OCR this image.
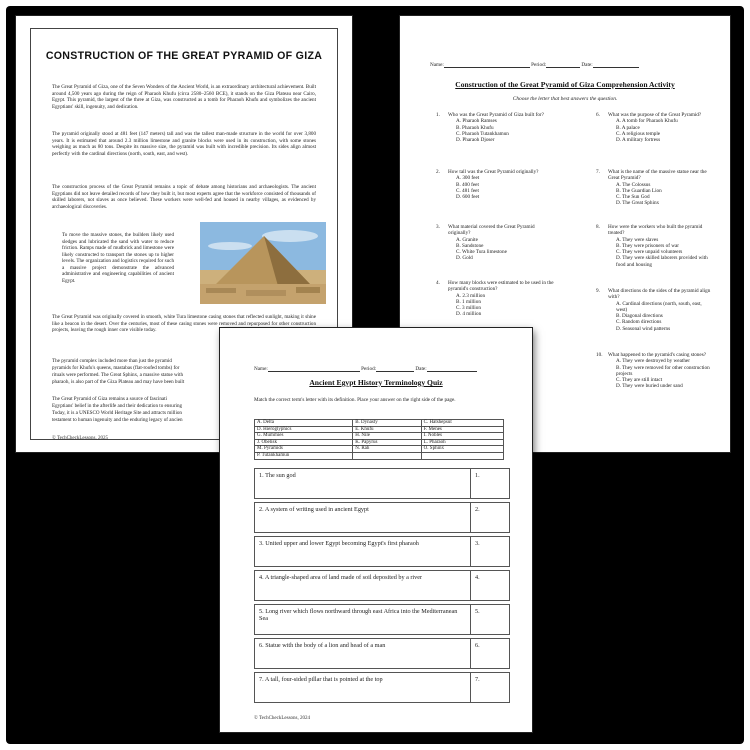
CONSTRUCTION OF THE GREAT PYRAMID OF GIZA
The Great Pyramid of Giza, one of the Seven Wonders of the Ancient World, is an extraordinary architectural achievement. Built around 4,500 years ago during the reign of Pharaoh Khufu (circa 2580–2560 BCE), it stands on the Giza Plateau near Cairo, Egypt. This pyramid, the largest of the three at Giza, was constructed as a tomb for Pharaoh Khufu and symbolizes the ancient Egyptians' skill, ingenuity, and dedication.
The pyramid originally stood at 481 feet (147 meters) tall and was the tallest man-made structure in the world for over 3,800 years. It is estimated that around 2.3 million limestone and granite blocks were used in its construction, with some stones weighing as much as 80 tons. Despite its massive size, the pyramid was built with incredible precision. Its sides align almost perfectly with the cardinal directions (north, south, east, and west).
The construction process of the Great Pyramid remains a topic of debate among historians and archaeologists. The ancient Egyptians did not leave detailed records of how they built it, but most experts agree that the workforce consisted of thousands of skilled laborers, not slaves as once believed. These workers were well-fed and housed in nearby villages, as evidenced by archaeological discoveries.
To move the massive stones, the builders likely used sledges and lubricated the sand with water to reduce friction. Ramps made of mudbrick and limestone were likely constructed to transport the stones up to higher levels. The organization and logistics required for such a massive project demonstrate the advanced administrative and engineering capabilities of ancient Egypt.
The Great Pyramid was originally covered in smooth, white Tura limestone casing stones that reflected sunlight, making it shine like a beacon in the desert. Over the centuries, most of these casing stones were removed and repurposed for other construction projects, leaving the rough inner core visible today.
The pyramid complex included more than just the pyramid
pyramids for Khufu's queens, mastabas (flat-roofed tombs) for
rituals were performed. The Great Sphinx, a massive statue with
pharaoh, is also part of the Giza Plateau and may have been built
The Great Pyramid of Giza remains a source of fascinati
Egyptians' belief in the afterlife and their dedication to ensuring
Today, it is a UNESCO World Heritage Site and attracts million
testament to human ingenuity and the enduring legacy of ancien
© TechCheckLessons, 2025
Name:	Period:	Date:
Construction of the Great Pyramid of Giza Comprehension Activity
Choose the letter that best answers the question.
1. Who was the Great Pyramid of Giza built for?
A. Pharaoh Ramses
B. Pharaoh Khufu
C. Pharaoh Tutankhamun
D. Pharaoh Djoser
2. How tall was the Great Pyramid originally?
A. 300 feet
B. 400 feet
C. 481 feet
D. 600 feet
3. What material covered the Great Pyramid originally?
A. Granite
B. Sandstone
C. White Tura limestone
D. Gold
4. How many blocks were estimated to be used in the pyramid's construction?
A. 2.3 million
B. 1 million
C. 3 million
D. 4 million
6. What was the purpose of the Great Pyramid?
A. A tomb for Pharaoh Khufu
B. A palace
C. A religious temple
D. A military fortress
7. What is the name of the massive statue near the Great Pyramid?
A. The Colossus
B. The Guardian Lion
C. The Sun God
D. The Great Sphinx
8. How were the workers who built the pyramid treated?
A. They were slaves
B. They were prisoners of war
C. They were unpaid volunteers
D. They were skilled laborers provided with food and housing
9. What directions do the sides of the pyramid align with?
A. Cardinal directions (north, south, east, west)
B. Diagonal directions
C. Random directions
D. Seasonal wind patterns
10. What happened to the pyramid's casing stones?
A. They were destroyed by weather
B. They were removed for other construction projects
C. They are still intact
D. They were buried under sand
Name:	Period:	Date:
Ancient Egypt History Terminology Quiz
Match the correct term's letter with its definition. Place your answer on the right side of the page.
A. Delta	B. Dynasty	C. Hatshepsut
D. Hieroglyphics	E. Khufu	F. Menes
G. Mummies	H. Nile	I. Nobles
J. Obelisk	K. Papyrus	L. Pharaoh
M. Pyramids	N. Rah	O. Sphinx
P. Tutankhamun		
1. The sun god	1.

2. A system of writing used in ancient Egypt	2.

3. United upper and lower Egypt becoming Egypt's first pharaoh	3.

4. A triangle-shaped area of land made of soil deposited by a river	4.

5. Long river which flows northward through east Africa into the Mediterranean Sea	5.

6. Statue with the body of a lion and head of a man	6.

7. A tall, four-sided pillar that is pointed at the top	7.
© TechCheckLessons, 2024
